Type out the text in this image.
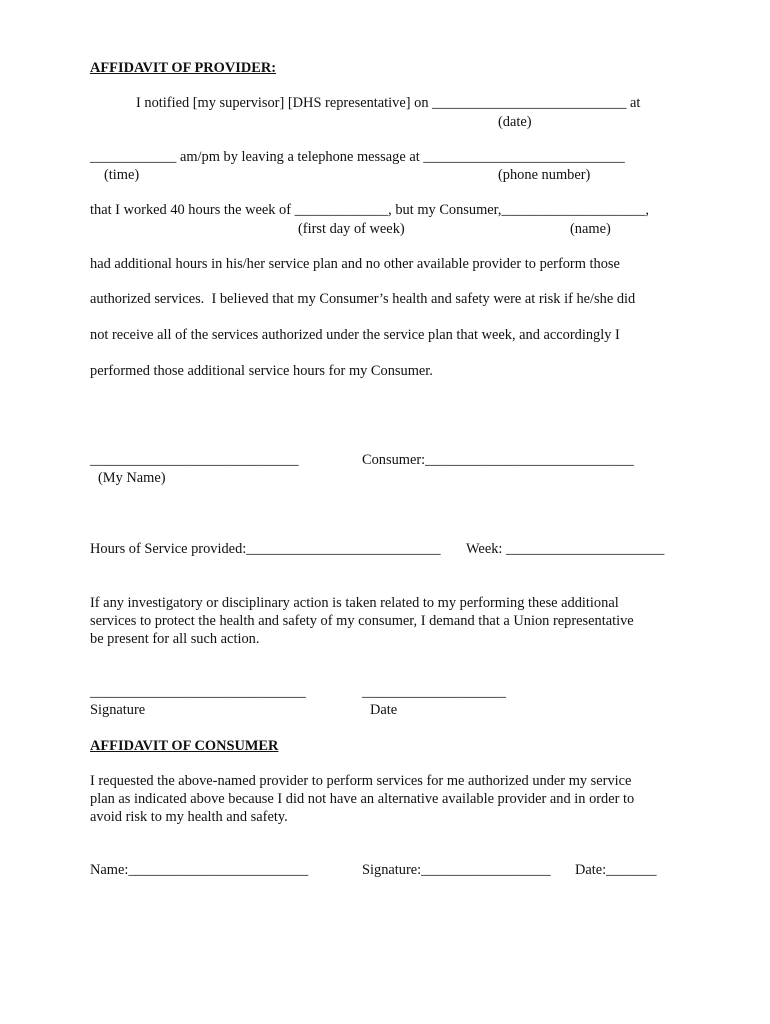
AFFIDAVIT OF PROVIDER:
I notified [my supervisor] [DHS representative] on ___________________________ at
(date)
____________ am/pm by leaving a telephone message at ____________________________
(time)	(phone number)
that I worked 40 hours the week of _____________, but my Consumer,____________________,
(first day of week)	(name)
had additional hours in his/her service plan and no other available provider to perform those
authorized services.  I believed that my Consumer’s health and safety were at risk if he/she did
not receive all of the services authorized under the service plan that week, and accordingly I
performed those additional service hours for my Consumer.
_____________________________	Consumer:_____________________________
(My Name)
Hours of Service provided:___________________________ Week: ______________________
If any investigatory or disciplinary action is taken related to my performing these additional
services to protect the health and safety of my consumer, I demand that a Union representative
be present for all such action.
______________________________	____________________
Signature	Date
AFFIDAVIT OF CONSUMER
I requested the above-named provider to perform services for me authorized under my service
plan as indicated above because I did not have an alternative available provider and in order to
avoid risk to my health and safety.
Name:_________________________	Signature:__________________ Date:_______
